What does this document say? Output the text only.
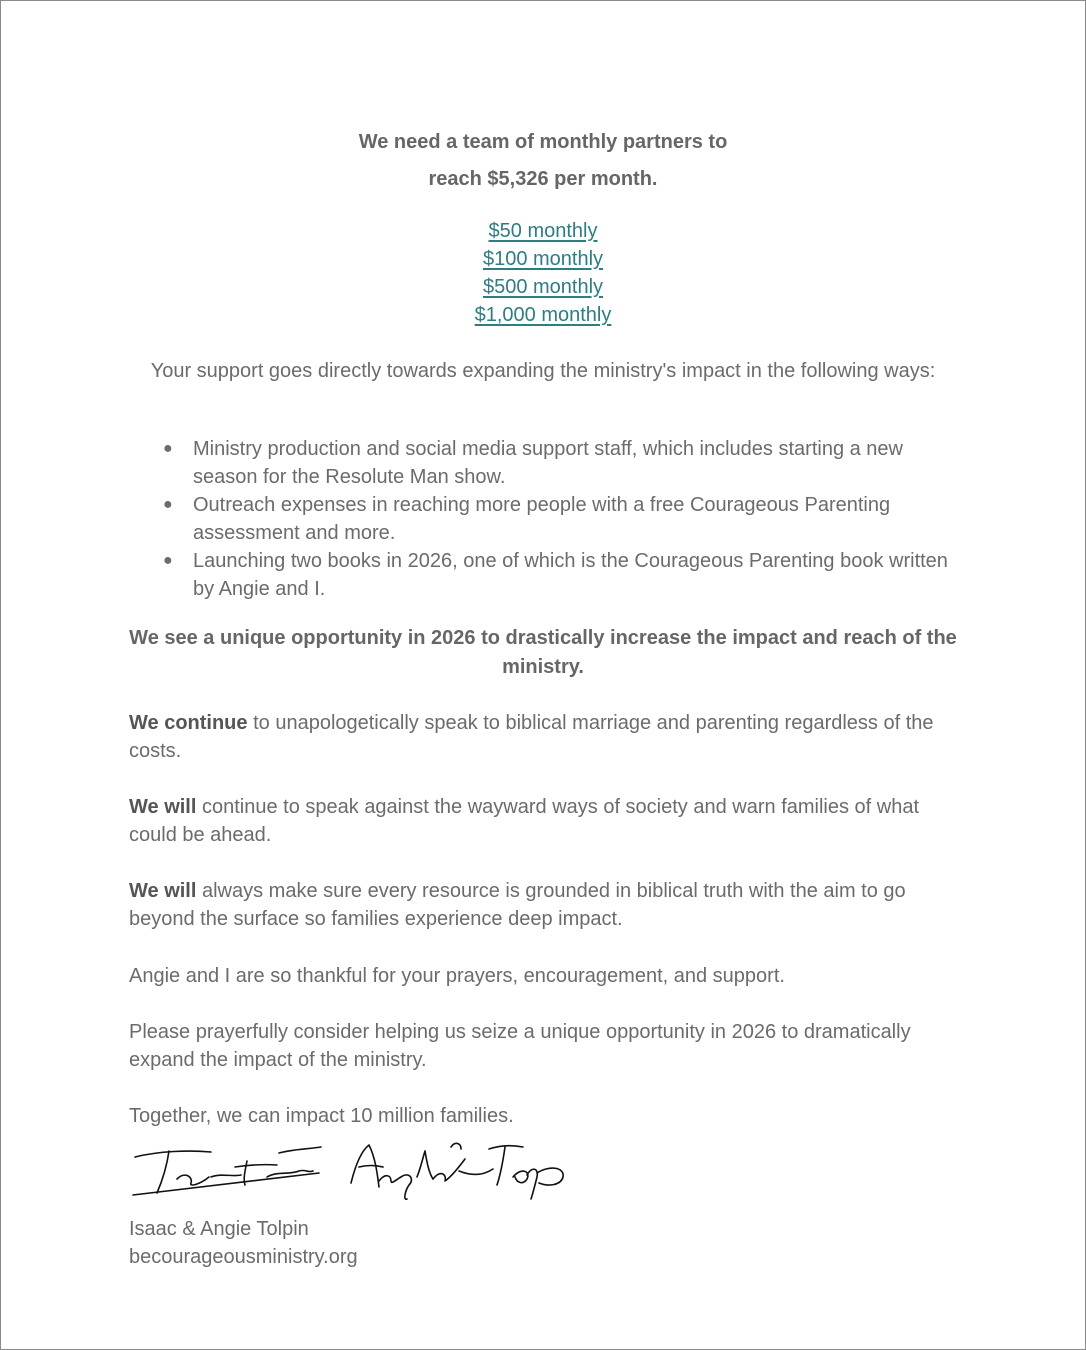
We need a team of monthly partners to
reach $5,326 per month.
$50 monthly
$100 monthly
$500 monthly
$1,000 monthly
Your support goes directly towards expanding the ministry's impact in the following ways:
● Ministry production and social media support staff, which includes starting a new season for the Resolute Man show.
● Outreach expenses in reaching more people with a free Courageous Parenting assessment and more.
● Launching two books in 2026, one of which is the Courageous Parenting book written by Angie and I.
We see a unique opportunity in 2026 to drastically increase the impact and reach of the ministry.

We continue to unapologetically speak to biblical marriage and parenting regardless of the costs.

We will continue to speak against the wayward ways of society and warn families of what could be ahead.

We will always make sure every resource is grounded in biblical truth with the aim to go beyond the surface so families experience deep impact.

Angie and I are so thankful for your prayers, encouragement, and support.

Please prayerfully consider helping us seize a unique opportunity in 2026 to dramatically expand the impact of the ministry.

Together, we can impact 10 million families.

Isaac & Angie Tolpin
becourageousministry.org
